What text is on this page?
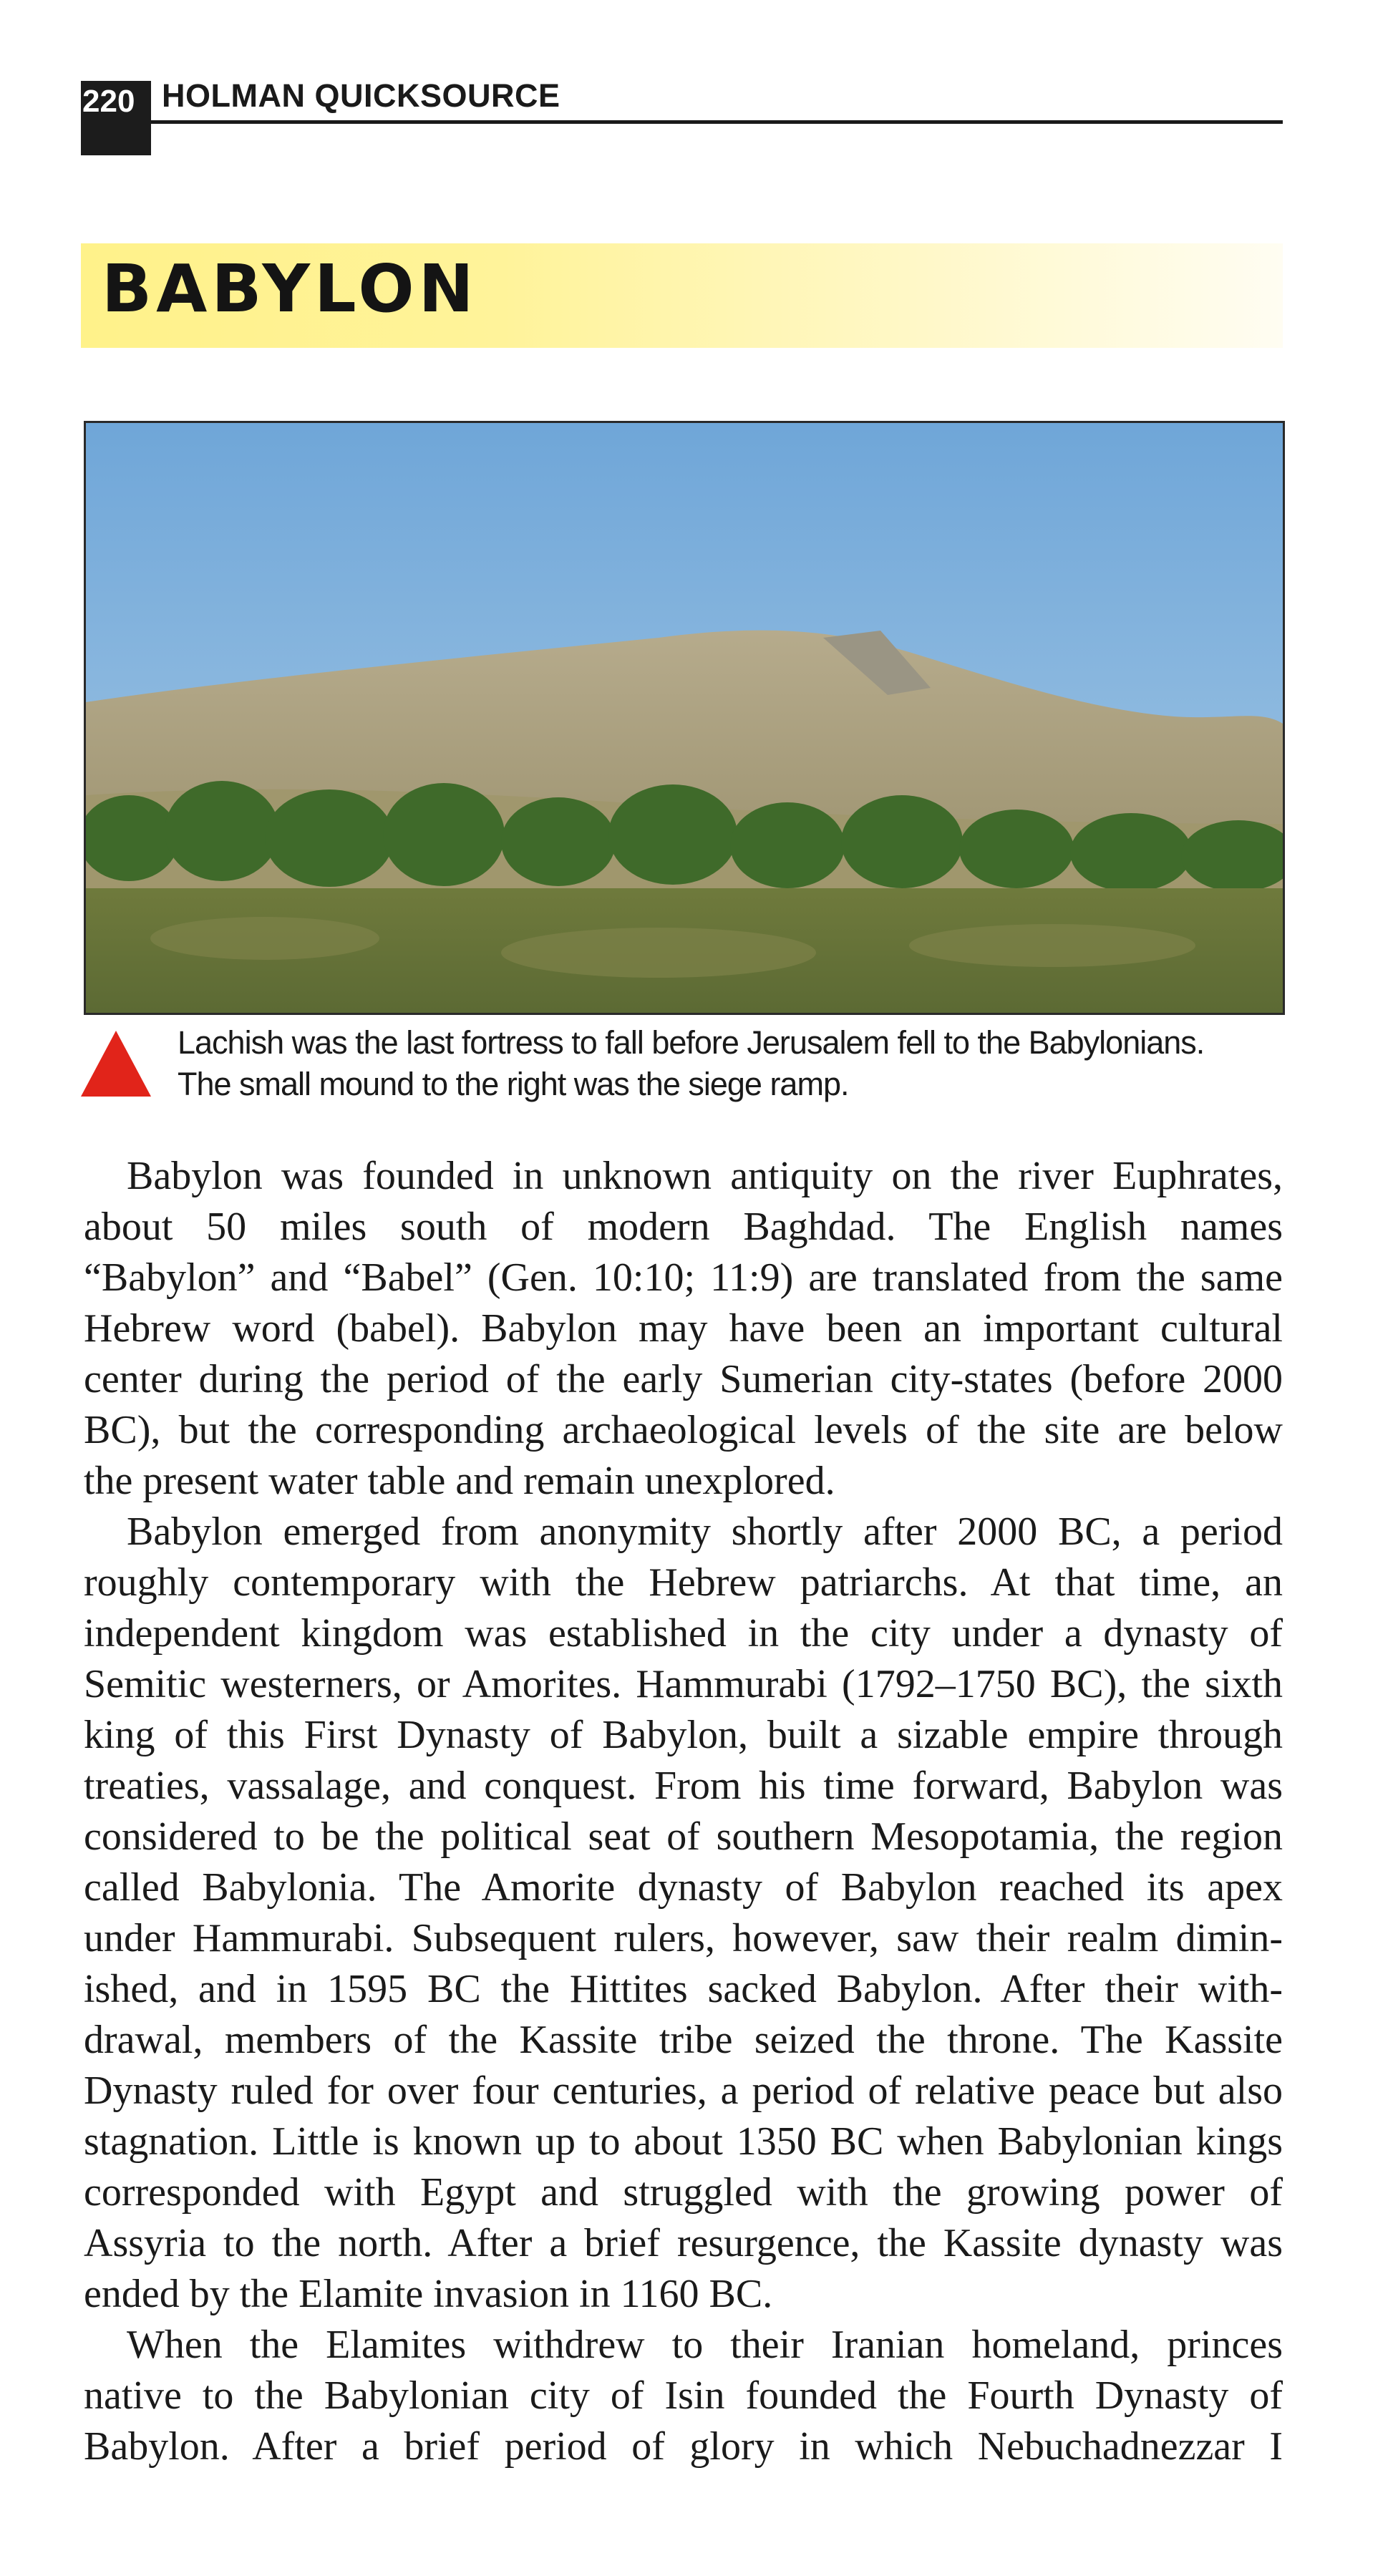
220 HOLMAN QUICKSOURCE
BABYLON
Lachish was the last fortress to fall before Jerusalem fell to the Babylonians.
The small mound to the right was the siege ramp.
Babylon was founded in unknown antiquity on the river Euphrates,
about 50 miles south of modern Baghdad. The English names
“Babylon” and “Babel” (Gen. 10:10; 11:9) are translated from the same
Hebrew word (babel). Babylon may have been an important cultural
center during the period of the early Sumerian city-states (before 2000
BC), but the corresponding archaeological levels of the site are below
the present water table and remain unexplored.
Babylon emerged from anonymity shortly after 2000 BC, a period
roughly contemporary with the Hebrew patriarchs. At that time, an
independent kingdom was established in the city under a dynasty of
Semitic westerners, or Amorites. Hammurabi (1792–1750 BC), the sixth
king of this First Dynasty of Babylon, built a sizable empire through
treaties, vassalage, and conquest. From his time forward, Babylon was
considered to be the political seat of southern Mesopotamia, the region
called Babylonia. The Amorite dynasty of Babylon reached its apex
under Hammurabi. Subsequent rulers, however, saw their realm dimin-
ished, and in 1595 BC the Hittites sacked Babylon. After their with-
drawal, members of the Kassite tribe seized the throne. The Kassite
Dynasty ruled for over four centuries, a period of relative peace but also
stagnation. Little is known up to about 1350 BC when Babylonian kings
corresponded with Egypt and struggled with the growing power of
Assyria to the north. After a brief resurgence, the Kassite dynasty was
ended by the Elamite invasion in 1160 BC.
When the Elamites withdrew to their Iranian homeland, princes
native to the Babylonian city of Isin founded the Fourth Dynasty of
Babylon. After a brief period of glory in which Nebuchadnezzar I
